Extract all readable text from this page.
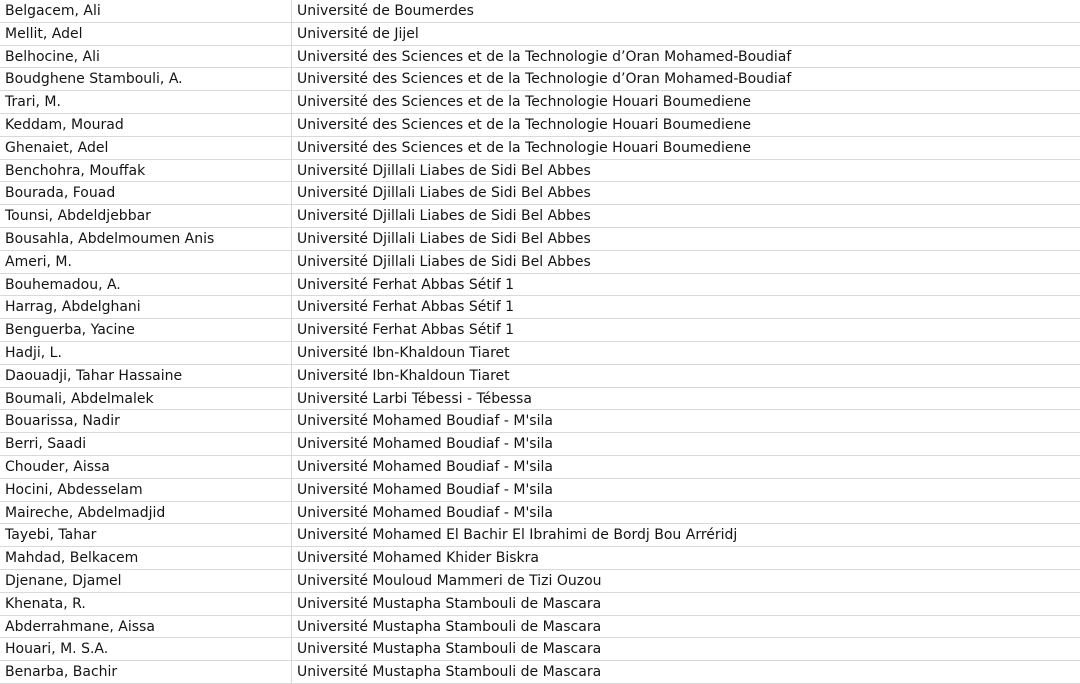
Belgacem, Ali	Université de Boumerdes
Mellit, Adel	Université de Jijel
Belhocine, Ali	Université des Sciences et de la Technologie d’Oran Mohamed-Boudiaf
Boudghene Stambouli, A.	Université des Sciences et de la Technologie d’Oran Mohamed-Boudiaf
Trari, M.	Université des Sciences et de la Technologie Houari Boumediene
Keddam, Mourad	Université des Sciences et de la Technologie Houari Boumediene
Ghenaiet, Adel	Université des Sciences et de la Technologie Houari Boumediene
Benchohra, Mouffak	Université Djillali Liabes de Sidi Bel Abbes
Bourada, Fouad	Université Djillali Liabes de Sidi Bel Abbes
Tounsi, Abdeldjebbar	Université Djillali Liabes de Sidi Bel Abbes
Bousahla, Abdelmoumen Anis	Université Djillali Liabes de Sidi Bel Abbes
Ameri, M.	Université Djillali Liabes de Sidi Bel Abbes
Bouhemadou, A.	Université Ferhat Abbas Sétif 1
Harrag, Abdelghani	Université Ferhat Abbas Sétif 1
Benguerba, Yacine	Université Ferhat Abbas Sétif 1
Hadji, L.	Université Ibn-Khaldoun Tiaret
Daouadji, Tahar Hassaine	Université Ibn-Khaldoun Tiaret
Boumali, Abdelmalek	Université Larbi Tébessi - Tébessa
Bouarissa, Nadir	Université Mohamed Boudiaf - M'sila
Berri, Saadi	Université Mohamed Boudiaf - M'sila
Chouder, Aissa	Université Mohamed Boudiaf - M'sila
Hocini, Abdesselam	Université Mohamed Boudiaf - M'sila
Maireche, Abdelmadjid	Université Mohamed Boudiaf - M'sila
Tayebi, Tahar	Université Mohamed El Bachir El Ibrahimi de Bordj Bou Arréridj
Mahdad, Belkacem	Université Mohamed Khider Biskra
Djenane, Djamel	Université Mouloud Mammeri de Tizi Ouzou
Khenata, R.	Université Mustapha Stambouli de Mascara
Abderrahmane, Aissa	Université Mustapha Stambouli de Mascara
Houari, M. S.A.	Université Mustapha Stambouli de Mascara
Benarba, Bachir	Université Mustapha Stambouli de Mascara
